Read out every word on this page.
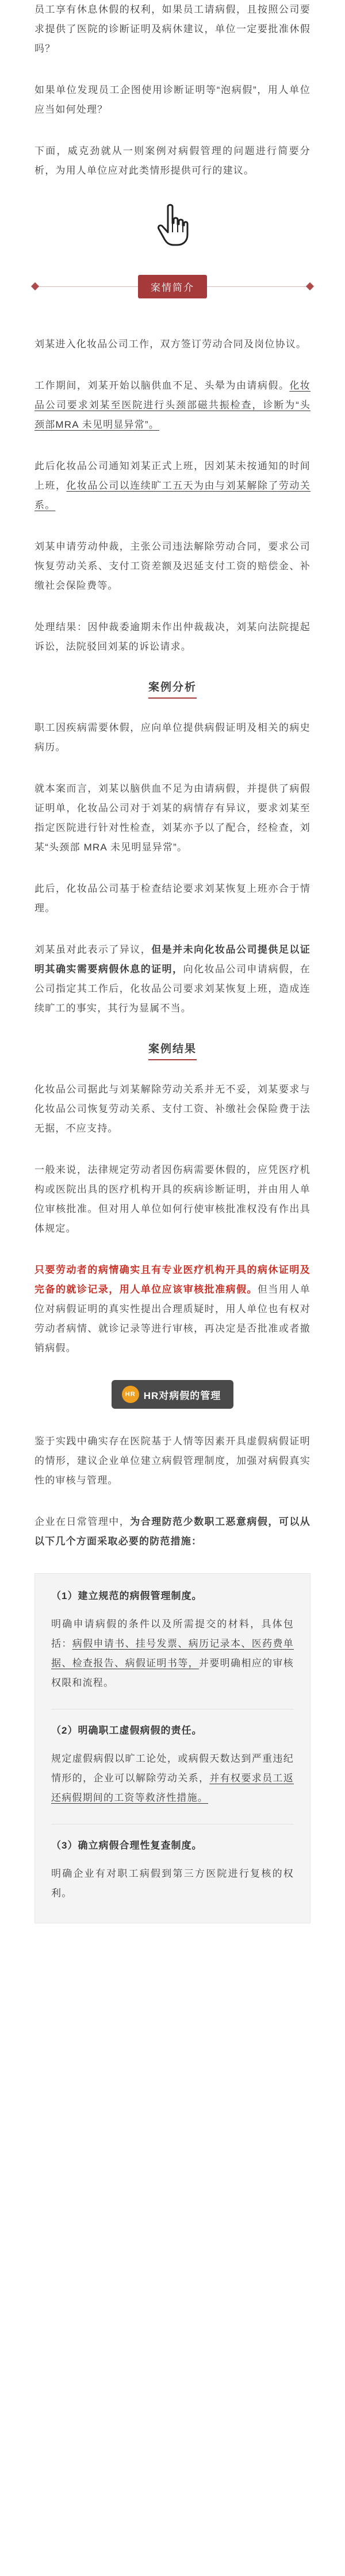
员工享有休息休假的权利，如果员工请病假，且按照公司要求提供了医院的诊断证明及病休建议，单位一定要批准休假吗？

如果单位发现员工企图使用诊断证明等“泡病假”，用人单位应当如何处理？

下面，威克劲就从一则案例对病假管理的问题进行简要分析，为用人单位应对此类情形提供可行的建议。

案情简介

刘某进入化妆品公司工作，双方签订劳动合同及岗位协议。

工作期间，刘某开始以脑供血不足、头晕为由请病假。化妆品公司要求刘某至医院进行头颈部磁共振检查，诊断为“头颈部MRA 未见明显异常”。

此后化妆品公司通知刘某正式上班，因刘某未按通知的时间上班，化妆品公司以连续旷工五天为由与刘某解除了劳动关系。

刘某申请劳动仲裁，主张公司违法解除劳动合同，要求公司恢复劳动关系、支付工资差额及迟延支付工资的赔偿金、补缴社会保险费等。

处理结果：因仲裁委逾期未作出仲裁裁决，刘某向法院提起诉讼，法院驳回刘某的诉讼请求。

案例分析

职工因疾病需要休假，应向单位提供病假证明及相关的病史病历。

就本案而言，刘某以脑供血不足为由请病假，并提供了病假证明单，化妆品公司对于刘某的病情存有异议，要求刘某至指定医院进行针对性检查，刘某亦予以了配合，经检查，刘某“头颈部 MRA 未见明显异常”。

此后，化妆品公司基于检查结论要求刘某恢复上班亦合于情理。

刘某虽对此表示了异议，但是并未向化妆品公司提供足以证明其确实需要病假休息的证明，向化妆品公司申请病假，在公司指定其工作后，化妆品公司要求刘某恢复上班，造成连续旷工的事实，其行为显属不当。

案例结果

化妆品公司据此与刘某解除劳动关系并无不妥，刘某要求与化妆品公司恢复劳动关系、支付工资、补缴社会保险费于法无据，不应支持。

一般来说，法律规定劳动者因伤病需要休假的，应凭医疗机构或医院出具的医疗机构开具的疾病诊断证明，并由用人单位审核批准。但对用人单位如何行使审核批准权没有作出具体规定。

只要劳动者的病情确实且有专业医疗机构开具的病休证明及完备的就诊记录，用人单位应该审核批准病假。但当用人单位对病假证明的真实性提出合理质疑时，用人单位也有权对劳动者病情、就诊记录等进行审核，再决定是否批准或者撤销病假。

HR HR对病假的管理

鉴于实践中确实存在医院基于人情等因素开具虚假病假证明的情形，建议企业单位建立病假管理制度，加强对病假真实性的审核与管理。

企业在日常管理中，为合理防范少数职工恶意病假，可以从以下几个方面采取必要的防范措施：

（1）建立规范的病假管理制度。

明确申请病假的条件以及所需提交的材料，具体包括：病假申请书、挂号发票、病历记录本、医药费单据、检查报告、病假证明书等，并要明确相应的审核权限和流程。

（2）明确职工虚假病假的责任。

规定虚假病假以旷工论处，或病假天数达到严重违纪情形的，企业可以解除劳动关系，并有权要求员工返还病假期间的工资等救济性措施。

（3）确立病假合理性复查制度。

明确企业有对职工病假到第三方医院进行复核的权利。
